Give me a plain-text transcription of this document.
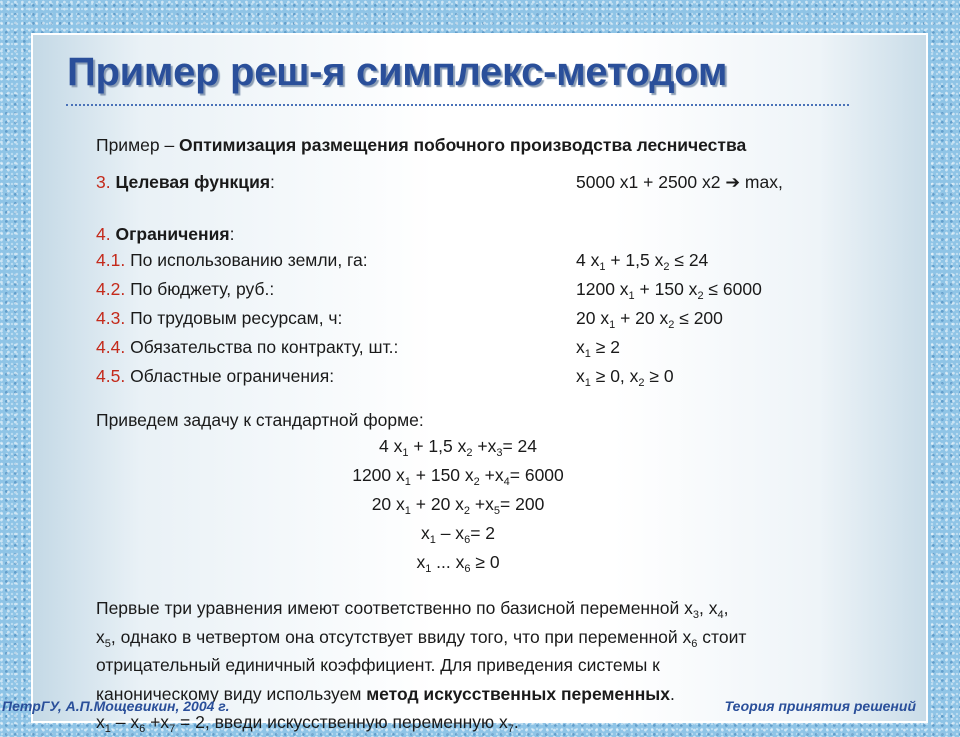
Пример реш-я симплекс-методом
Пример – Оптимизация размещения побочного производства лесничества
3. Целевая функция:	5000 x1 + 2500 x2 ➔ max,
4. Ограничения:
4.1. По использованию земли, га:	4 $x_1 + 1,5$ $x_2 \le 24$
4.2. По бюджету, руб.:	1200 $x_1 + 150$ $x_2 \le 6000$
4.3. По трудовым ресурсам, ч:	20 $x_1 + 20$ $x_2 \le 200$
4.4. Обязательства по контракту, шт.:	$x_1 \ge 2$
4.5. Областные ограничения:	$x_1 \ge 0$, $x_2 \ge 0$
Приведем задачу к стандартной форме:
4 $x_1 + 1,5$ $x_2 +x_3= 24$
1200 $x_1 + 150$ $x_2 +x_4= 6000$
20 $x_1 + 20$ $x_2 +x_5= 200$
$x_1 - x_6= 2$
$x_1$ ... $x_6 \ge 0$
Первые три уравнения имеют соответственно по базисной переменной $x_3$, $x_4$,
$x_5$, однако в четвертом она отсутствует ввиду того, что при переменной $x_6$ стоит
отрицательный единичный коэффициент. Для приведения системы к
каноническому виду используем метод искусственных переменных.
$x_1 - x_6 +x_7 = 2$, введи искусственную переменную $x_7$.
ПетрГУ, А.П.Мощевикин, 2004 г.	Теория принятия решений
